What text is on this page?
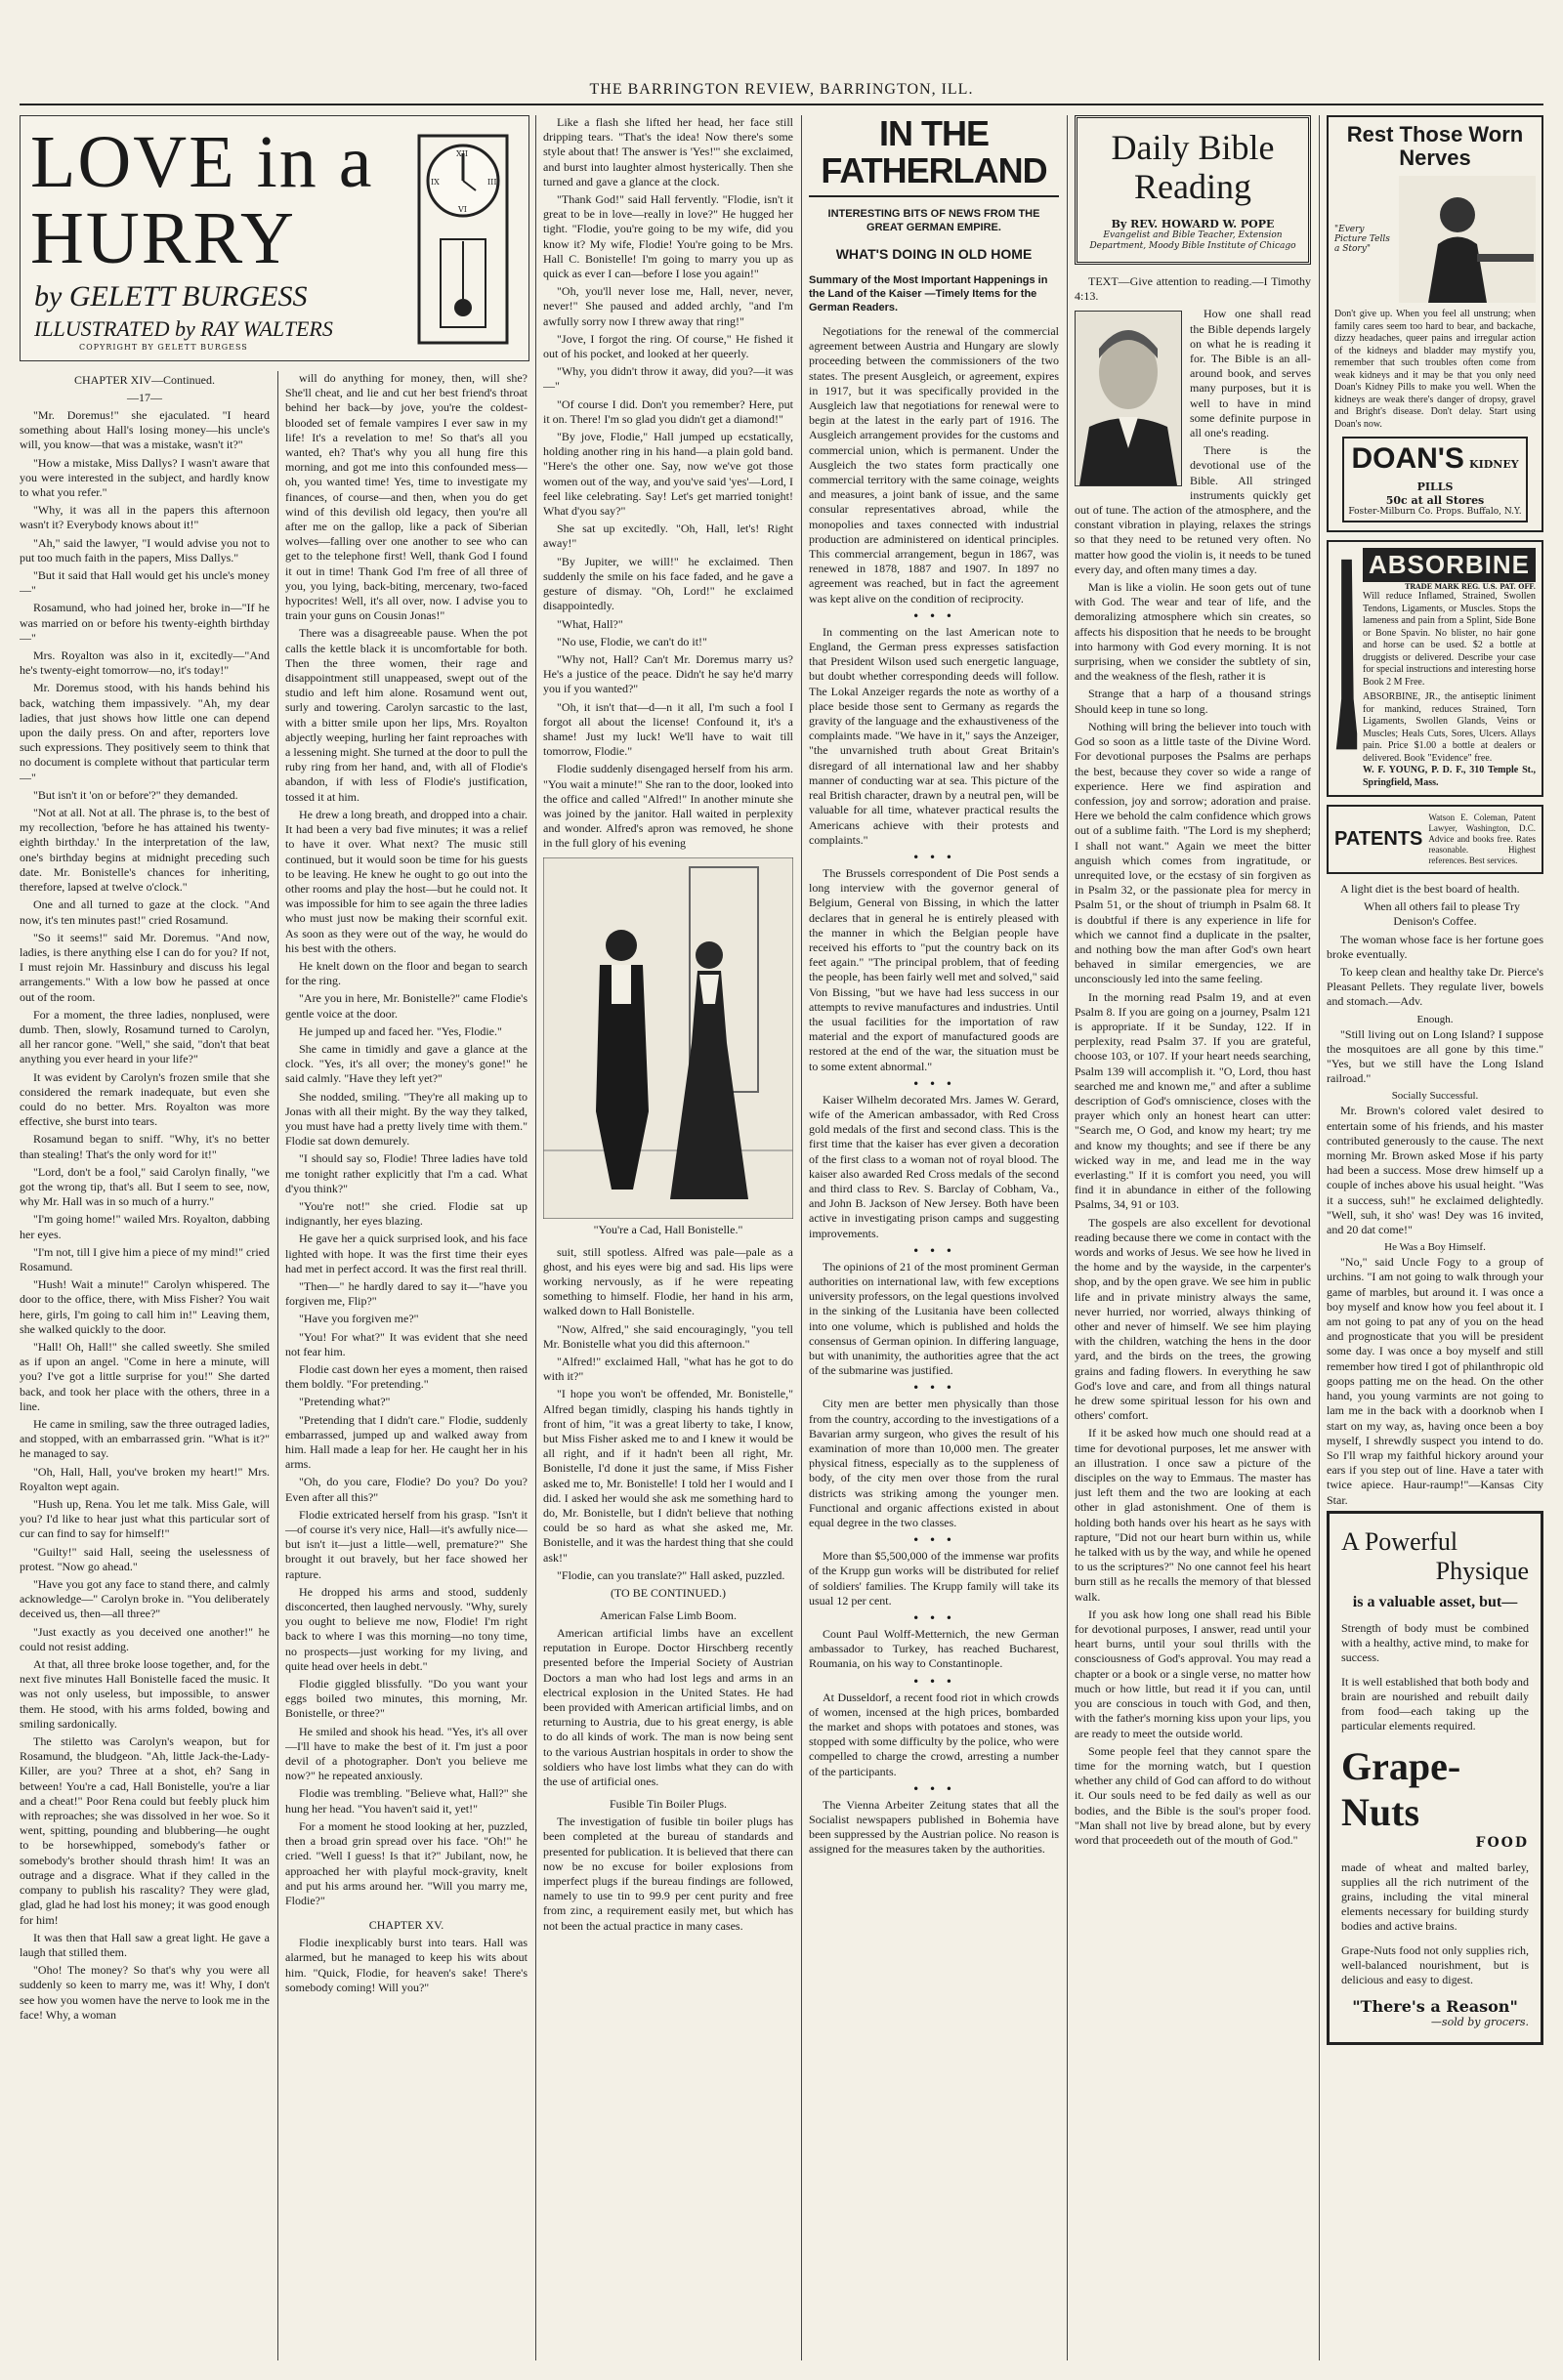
THE BARRINGTON REVIEW, BARRINGTON, ILL.
LOVE in a
HURRY
by GELETT BURGESS
ILLUSTRATED by RAY WALTERS
COPYRIGHT BY GELETT BURGESS
XII
III
VI
IX
CHAPTER XIV—Continued.
—17—

"Mr. Doremus!" she ejaculated. "I heard something about Hall's losing money—his uncle's will, you know—that was a mistake, wasn't it?"

"How a mistake, Miss Dallys? I wasn't aware that you were interested in the subject, and hardly know to what you refer."

"Why, it was all in the papers this afternoon wasn't it? Everybody knows about it!"

"Ah," said the lawyer, "I would advise you not to put too much faith in the papers, Miss Dallys."

"But it said that Hall would get his uncle's money—"

Rosamund, who had joined her, broke in—"If he was married on or before his twenty-eighth birthday—"

Mrs. Royalton was also in it, excitedly—"And he's twenty-eight tomorrow—no, it's today!"

Mr. Doremus stood, with his hands behind his back, watching them impassively. "Ah, my dear ladies, that just shows how little one can depend upon the daily press. On and after, reporters love such expressions. They positively seem to think that no document is complete without that particular term—"

"But isn't it 'on or before'?" they demanded.

"Not at all. Not at all. The phrase is, to the best of my recollection, 'before he has attained his twenty-eighth birthday.' In the interpretation of the law, one's birthday begins at midnight preceding such date. Mr. Bonistelle's chances for inheriting, therefore, lapsed at twelve o'clock."

One and all turned to gaze at the clock. "And now, it's ten minutes past!" cried Rosamund.

"So it seems!" said Mr. Doremus. "And now, ladies, is there anything else I can do for you? If not, I must rejoin Mr. Hassinbury and discuss his legal arrangements." With a low bow he passed at once out of the room.

For a moment, the three ladies, nonplused, were dumb. Then, slowly, Rosamund turned to Carolyn, all her rancor gone. "Well," she said, "don't that beat anything you ever heard in your life?"

It was evident by Carolyn's frozen smile that she considered the remark inadequate, but even she could do no better. Mrs. Royalton was more effective, she burst into tears.

Rosamund began to sniff. "Why, it's no better than stealing! That's the only word for it!"

"Lord, don't be a fool," said Carolyn finally, "we got the wrong tip, that's all. But I seem to see, now, why Mr. Hall was in so much of a hurry."

"I'm going home!" wailed Mrs. Royalton, dabbing her eyes.

"I'm not, till I give him a piece of my mind!" cried Rosamund.

"Hush! Wait a minute!" Carolyn whispered. The door to the office, there, with Miss Fisher? You wait here, girls, I'm going to call him in!" Leaving them, she walked quickly to the door.

"Hall! Oh, Hall!" she called sweetly. She smiled as if upon an angel. "Come in here a minute, will you? I've got a little surprise for you!" She darted back, and took her place with the others, three in a line.

He came in smiling, saw the three outraged ladies, and stopped, with an embarrassed grin. "What is it?" he managed to say.

"Oh, Hall, Hall, you've broken my heart!" Mrs. Royalton wept again.

"Hush up, Rena. You let me talk. Miss Gale, will you? I'd like to hear just what this particular sort of cur can find to say for himself!"

"Guilty!" said Hall, seeing the uselessness of protest. "Now go ahead."

"Have you got any face to stand there, and calmly acknowledge—" Carolyn broke in. "You deliberately deceived us, then—all three?"

"Just exactly as you deceived one another!" he could not resist adding.

At that, all three broke loose together, and, for the next five minutes Hall Bonistelle faced the music. It was not only useless, but impossible, to answer them. He stood, with his arms folded, bowing and smiling sardonically.

The stiletto was Carolyn's weapon, but for Rosamund, the bludgeon. "Ah, little Jack-the-Lady-Killer, are you? Three at a shot, eh? Sang in between! You're a cad, Hall Bonistelle, you're a liar and a cheat!" Poor Rena could but feebly pluck him with reproaches; she was dissolved in her woe. So it went, spitting, pounding and blubbering—he ought to be horsewhipped, somebody's father or somebody's brother should thrash him! It was an outrage and a disgrace. What if they called in the company to publish his rascality? They were glad, glad, glad he had lost his money; it was good enough for him!

It was then that Hall saw a great light. He gave a laugh that stilled them.

"Oho! The money? So that's why you were all suddenly so keen to marry me, was it! Why, I don't see how you women have the nerve to look me in the face! Why, a woman

will do anything for money, then, will she? She'll cheat, and lie and cut her best friend's throat behind her back—by jove, you're the coldest-blooded set of female vampires I ever saw in my life! It's a revelation to me! So that's all you wanted, eh? That's why you all hung fire this morning, and got me into this confounded mess—oh, you wanted time! Yes, time to investigate my finances, of course—and then, when you do get wind of this devilish old legacy, then you're all after me on the gallop, like a pack of Siberian wolves—falling over one another to see who can get to the telephone first! Well, thank God I found it out in time! Thank God I'm free of all three of you, you lying, back-biting, mercenary, two-faced hypocrites! Well, it's all over, now. I advise you to train your guns on Cousin Jonas!"

There was a disagreeable pause. When the pot calls the kettle black it is uncomfortable for both. Then the three women, their rage and disappointment still unappeased, swept out of the studio and left him alone. Rosamund went out, surly and towering. Carolyn sarcastic to the last, with a bitter smile upon her lips, Mrs. Royalton abjectly weeping, hurling her faint reproaches with a lessening might. She turned at the door to pull the ruby ring from her hand, and, with all of Flodie's abandon, if with less of Flodie's justification, tossed it at him.

He drew a long breath, and dropped into a chair. It had been a very bad five minutes; it was a relief to have it over. What next? The music still continued, but it would soon be time for his guests to be leaving. He knew he ought to go out into the other rooms and play the host—but he could not. It was impossible for him to see again the three ladies who must just now be making their scornful exit. As soon as they were out of the way, he would do his best with the others.

He knelt down on the floor and began to search for the ring.

"Are you in here, Mr. Bonistelle?" came Flodie's gentle voice at the door.

He jumped up and faced her. "Yes, Flodie."

She came in timidly and gave a glance at the clock. "Yes, it's all over; the money's gone!" he said calmly. "Have they left yet?"

She nodded, smiling. "They're all making up to Jonas with all their might. By the way they talked, you must have had a pretty lively time with them." Flodie sat down demurely.

"I should say so, Flodie! Three ladies have told me tonight rather explicitly that I'm a cad. What d'you think?"

"You're not!" she cried. Flodie sat up indignantly, her eyes blazing.

He gave her a quick surprised look, and his face lighted with hope. It was the first time their eyes had met in perfect accord. It was the first real thrill.

"Then—" he hardly dared to say it—"have you forgiven me, Flip?"

"Have you forgiven me?"

"You! For what?" It was evident that she need not fear him.

Flodie cast down her eyes a moment, then raised them boldly. "For pretending."

"Pretending what?"

"Pretending that I didn't care." Flodie, suddenly embarrassed, jumped up and walked away from him. Hall made a leap for her. He caught her in his arms.

"Oh, do you care, Flodie? Do you? Do you? Even after all this?"

Flodie extricated herself from his grasp. "Isn't it—of course it's very nice, Hall—it's awfully nice—but isn't it—just a little—well, premature?" She brought it out bravely, but her face showed her rapture.

He dropped his arms and stood, suddenly disconcerted, then laughed nervously. "Why, surely you ought to believe me now, Flodie! I'm right back to where I was this morning—no tony time, no prospects—just working for my living, and quite head over heels in debt."

Flodie giggled blissfully. "Do you want your eggs boiled two minutes, this morning, Mr. Bonistelle, or three?"

He smiled and shook his head. "Yes, it's all over—I'll have to make the best of it. I'm just a poor devil of a photographer. Don't you believe me now?" he repeated anxiously.

Flodie was trembling. "Believe what, Hall?" she hung her head. "You haven't said it, yet!"

For a moment he stood looking at her, puzzled, then a broad grin spread over his face. "Oh!" he cried. "Well I guess! Is that it?" Jubilant, now, he approached her with playful mock-gravity, knelt and put his arms around her. "Will you marry me, Flodie?"

CHAPTER XV.

Flodie inexplicably burst into tears. Hall was alarmed, but he managed to keep his wits about him. "Quick, Flodie, for heaven's sake! There's somebody coming! Will you?"

Like a flash she lifted her head, her face still dripping tears. "That's the idea! Now there's some style about that! The answer is 'Yes!'" she exclaimed, and burst into laughter almost hysterically. Then she turned and gave a glance at the clock.

"Thank God!" said Hall fervently. "Flodie, isn't it great to be in love—really in love?" He hugged her tight. "Flodie, you're going to be my wife, did you know it? My wife, Flodie! You're going to be Mrs. Hall C. Bonistelle! I'm going to marry you up as quick as ever I can—before I lose you again!"

"Oh, you'll never lose me, Hall, never, never, never!" She paused and added archly, "and I'm awfully sorry now I threw away that ring!"

"Jove, I forgot the ring. Of course," He fished it out of his pocket, and looked at her queerly.

"Why, you didn't throw it away, did you?—it was—"

"Of course I did. Don't you remember? Here, put it on. There! I'm so glad you didn't get a diamond!"

"By jove, Flodie," Hall jumped up ecstatically, holding another ring in his hand—a plain gold band. "Here's the other one. Say, now we've got those women out of the way, and you've said 'yes'—Lord, I feel like celebrating. Say! Let's get married tonight! What d'you say?"

She sat up excitedly. "Oh, Hall, let's! Right away!"

"By Jupiter, we will!" he exclaimed. Then suddenly the smile on his face faded, and he gave a gesture of dismay. "Oh, Lord!" he exclaimed disappointedly.

"What, Hall?"

"No use, Flodie, we can't do it!"

"Why not, Hall? Can't Mr. Doremus marry us? He's a justice of the peace. Didn't he say he'd marry you if you wanted?"

"Oh, it isn't that—d—n it all, I'm such a fool I forgot all about the license! Confound it, it's a shame! Just my luck! We'll have to wait till tomorrow, Flodie."

Flodie suddenly disengaged herself from his arm. "You wait a minute!" She ran to the door, looked into the office and called "Alfred!" In another minute she was joined by the janitor. Hall waited in perplexity and wonder. Alfred's apron was removed, he shone in the full glory of his evening

"You're a Cad, Hall Bonistelle."

suit, still spotless. Alfred was pale—pale as a ghost, and his eyes were big and sad. His lips were working nervously, as if he were repeating something to himself. Flodie, her hand in his arm, walked down to Hall Bonistelle.

"Now, Alfred," she said encouragingly, "you tell Mr. Bonistelle what you did this afternoon."

"Alfred!" exclaimed Hall, "what has he got to do with it?"

"I hope you won't be offended, Mr. Bonistelle," Alfred began timidly, clasping his hands tightly in front of him, "it was a great liberty to take, I know, but Miss Fisher asked me to and I knew it would be all right, and if it hadn't been all right, Mr. Bonistelle, I'd done it just the same, if Miss Fisher asked me to, Mr. Bonistelle! I told her I would and I did. I asked her would she ask me something hard to do, Mr. Bonistelle, but I didn't believe that nothing could be so hard as what she asked me, Mr. Bonistelle, and it was the hardest thing that she could ask!"

"Flodie, can you translate?" Hall asked, puzzled.

(TO BE CONTINUED.)
American False Limb Boom.

American artificial limbs have an excellent reputation in Europe. Doctor Hirschberg recently presented before the Imperial Society of Austrian Doctors a man who had lost legs and arms in an electrical explosion in the United States. He had been provided with American artificial limbs, and on returning to Austria, due to his great energy, is able to do all kinds of work. The man is now being sent to the various Austrian hospitals in order to show the soldiers who have lost limbs what they can do with the use of artificial ones.

Fusible Tin Boiler Plugs.

The investigation of fusible tin boiler plugs has been completed at the bureau of standards and presented for publication. It is believed that there can now be no excuse for boiler explosions from imperfect plugs if the bureau findings are followed, namely to use tin to 99.9 per cent purity and free from zinc, a requirement easily met, but which has not been the actual practice in many cases.

IN THE FATHERLAND
INTERESTING BITS OF NEWS FROM THE GREAT GERMAN EMPIRE.
WHAT'S DOING IN OLD HOME
Summary of the Most Important Happenings in the Land of the Kaiser —Timely Items for the German Readers.

Negotiations for the renewal of the commercial agreement between Austria and Hungary are slowly proceeding between the commissioners of the two states. The present Ausgleich, or agreement, expires in 1917, but it was specifically provided in the Ausgleich law that negotiations for renewal were to begin at the latest in the early part of 1916. The Ausgleich arrangement provides for the customs and commercial union, which is permanent. Under the Ausgleich the two states form practically one commercial territory with the same coinage, weights and measures, a joint bank of issue, and the same consular representatives abroad, while the monopolies and taxes connected with industrial production are administered on identical principles. This commercial arrangement, begun in 1867, was renewed in 1878, 1887 and 1907. In 1897 no agreement was reached, but in fact the agreement was kept alive on the condition of reciprocity.

• • •

In commenting on the last American note to England, the German press expresses satisfaction that President Wilson used such energetic language, but doubt whether corresponding deeds will follow. The Lokal Anzeiger regards the note as worthy of a place beside those sent to Germany as regards the gravity of the language and the exhaustiveness of the complaints made. "We have in it," says the Anzeiger, "the unvarnished truth about Great Britain's disregard of all international law and her shabby manner of conducting war at sea. This picture of the real British character, drawn by a neutral pen, will be valuable for all time, whatever practical results the Americans achieve with their protests and complaints."

• • •

The Brussels correspondent of Die Post sends a long interview with the governor general of Belgium, General von Bissing, in which the latter declares that in general he is entirely pleased with the manner in which the Belgian people have received his efforts to "put the country back on its feet again." "The principal problem, that of feeding the people, has been fairly well met and solved," said Von Bissing, "but we have had less success in our attempts to revive manufactures and industries. Until the usual facilities for the importation of raw material and the export of manufactured goods are restored at the end of the war, the situation must be to some extent abnormal."

• • •

Kaiser Wilhelm decorated Mrs. James W. Gerard, wife of the American ambassador, with Red Cross gold medals of the first and second class. This is the first time that the kaiser has ever given a decoration of the first class to a woman not of royal blood. The kaiser also awarded Red Cross medals of the second and third class to Rev. S. Barclay of Cobham, Va., and John B. Jackson of New Jersey. Both have been active in investigating prison camps and suggesting improvements.

• • •

The opinions of 21 of the most prominent German authorities on international law, with few exceptions university professors, on the legal questions involved in the sinking of the Lusitania have been collected into one volume, which is published and holds the consensus of German opinion. In differing language, but with unanimity, the authorities agree that the act of the submarine was justified.

• • •

City men are better men physically than those from the country, according to the investigations of a Bavarian army surgeon, who gives the result of his examination of more than 10,000 men. The greater physical fitness, especially as to the suppleness of body, of the city men over those from the rural districts was striking among the younger men. Functional and organic affections existed in about equal degree in the two classes.

• • •

More than $5,500,000 of the immense war profits of the Krupp gun works will be distributed for relief of soldiers' families. The Krupp family will take its usual 12 per cent.

• • •

Count Paul Wolff-Metternich, the new German ambassador to Turkey, has reached Bucharest, Roumania, on his way to Constantinople.

• • •

At Dusseldorf, a recent food riot in which crowds of women, incensed at the high prices, bombarded the market and shops with potatoes and stones, was stopped with some difficulty by the police, who were compelled to charge the crowd, arresting a number of the participants.

• • •

The Vienna Arbeiter Zeitung states that all the Socialist newspapers published in Bohemia have been suppressed by the Austrian police. No reason is assigned for the measures taken by the authorities.

Daily Bible
Reading
By REV. HOWARD W. POPE
Evangelist and Bible Teacher, Extension Department, Moody Bible Institute of Chicago

TEXT—Give attention to reading.—I Timothy 4:13.

How one shall read the Bible depends largely on what he is reading it for. The Bible is an all-around book, and serves many purposes, but it is well to have in mind some definite purpose in all one's reading.

There is the devotional use of the Bible. All stringed instruments quickly get out of tune. The action of the atmosphere, and the constant vibration in playing, relaxes the strings so that they need to be retuned very often. No matter how good the violin is, it needs to be tuned every day, and often many times a day.

Man is like a violin. He soon gets out of tune with God. The wear and tear of life, and the demoralizing atmosphere which sin creates, so affects his disposition that he needs to be brought into harmony with God every morning. It is not surprising, when we consider the subtlety of sin, and the weakness of the flesh, rather it is

Strange that a harp of a thousand strings Should keep in tune so long.

Nothing will bring the believer into touch with God so soon as a little taste of the Divine Word. For devotional purposes the Psalms are perhaps the best, because they cover so wide a range of experience. Here we find aspiration and confession, joy and sorrow; adoration and praise. Here we behold the calm confidence which grows out of a sublime faith. "The Lord is my shepherd; I shall not want." Again we meet the bitter anguish which comes from ingratitude, or unrequited love, or the ecstasy of sin forgiven as in Psalm 32, or the passionate plea for mercy in Psalm 51, or the shout of triumph in Psalm 68. It is doubtful if there is any experience in life for which we cannot find a duplicate in the psalter, and nothing bow the man after God's own heart behaved in similar emergencies, we are unconsciously led into the same feeling.

In the morning read Psalm 19, and at even Psalm 8. If you are going on a journey, Psalm 121 is appropriate. If it be Sunday, 122. If in perplexity, read Psalm 37. If you are grateful, choose 103, or 107. If your heart needs searching, Psalm 139 will accomplish it. "O, Lord, thou hast searched me and known me," and after a sublime description of God's omniscience, closes with the prayer which only an honest heart can utter: "Search me, O God, and know my heart; try me and know my thoughts; and see if there be any wicked way in me, and lead me in the way everlasting." If it is comfort you need, you will find it in abundance in either of the following Psalms, 34, 91 or 103.

The gospels are also excellent for devotional reading because there we come in contact with the words and works of Jesus. We see how he lived in the home and by the wayside, in the carpenter's shop, and by the open grave. We see him in public life and in private ministry always the same, never hurried, nor worried, always thinking of other and never of himself. We see him playing with the children, watching the hens in the door yard, and the birds on the trees, the growing grains and fading flowers. In everything he saw God's love and care, and from all things natural he drew some spiritual lesson for his own and others' comfort.

If it be asked how much one should read at a time for devotional purposes, let me answer with an illustration. I once saw a picture of the disciples on the way to Emmaus. The master has just left them and the two are looking at each other in glad astonishment. One of them is holding both hands over his heart as he says with rapture, "Did not our heart burn within us, while he talked with us by the way, and while he opened to us the scriptures?" No one cannot feel his heart burn still as he recalls the memory of that blessed walk.

If you ask how long one shall read his Bible for devotional purposes, I answer, read until your heart burns, until your soul thrills with the consciousness of God's approval. You may read a chapter or a book or a single verse, no matter how much or how little, but read it if you can, until you are conscious in touch with God, and then, with the father's morning kiss upon your lips, you are ready to meet the outside world.

Some people feel that they cannot spare the time for the morning watch, but I question whether any child of God can afford to do without it. Our souls need to be fed daily as well as our bodies, and the Bible is the soul's proper food. "Man shall not live by bread alone, but by every word that proceedeth out of the mouth of God."

Rest Those Worn Nerves
"Every Picture Tells a Story"
Don't give up. When you feel all unstrung; when family cares seem too hard to bear, and backache, dizzy headaches, queer pains and irregular action of the kidneys and bladder may mystify you, remember that such troubles often come from weak kidneys and it may be that you only need Doan's Kidney Pills to make you well. When the kidneys are weak there's danger of dropsy, gravel and Bright's disease. Don't delay. Start using Doan's now.
DOAN'S KIDNEY PILLS
50c at all Stores
Foster-Milburn Co. Props. Buffalo, N.Y.
ABSORBINE
TRADE MARK REG. U.S. PAT. OFF.
Will reduce Inflamed, Strained, Swollen Tendons, Ligaments, or Muscles. Stops the lameness and pain from a Splint, Side Bone or Bone Spavin. No blister, no hair gone and horse can be used. $2 a bottle at druggists or delivered. Describe your case for special instructions and interesting horse Book 2 M Free.
ABSORBINE, JR., the antiseptic liniment for mankind, reduces Strained, Torn Ligaments, Swollen Glands, Veins or Muscles; Heals Cuts, Sores, Ulcers. Allays pain. Price $1.00 a bottle at dealers or delivered. Book "Evidence" free.
W. F. YOUNG, P. D. F., 310 Temple St., Springfield, Mass.
PATENTS
Watson E. Coleman, Patent Lawyer, Washington, D.C. Advice and books free. Rates reasonable. Highest references. Best services.

A light diet is the best board of health.

When all others fail to please Try Denison's Coffee.

The woman whose face is her fortune goes broke eventually.

To keep clean and healthy take Dr. Pierce's Pleasant Pellets. They regulate liver, bowels and stomach.—Adv.

Enough.

"Still living out on Long Island? I suppose the mosquitoes are all gone by this time." "Yes, but we still have the Long Island railroad."

Socially Successful.

Mr. Brown's colored valet desired to entertain some of his friends, and his master contributed generously to the cause. The next morning Mr. Brown asked Mose if his party had been a success. Mose drew himself up a couple of inches above his usual height. "Was it a success, suh!" he exclaimed delightedly. "Well, suh, it sho' was! Dey was 16 invited, and 20 dat come!"

He Was a Boy Himself.

"No," said Uncle Fogy to a group of urchins. "I am not going to walk through your game of marbles, but around it. I was once a boy myself and know how you feel about it. I am not going to pat any of you on the head and prognosticate that you will be president some day. I was once a boy myself and still remember how tired I got of philanthropic old goops patting me on the head. On the other hand, you young varmints are not going to lam me in the back with a doorknob when I start on my way, as, having once been a boy myself, I shrewdly suspect you intend to do. So I'll wrap my faithful hickory around your ears if you step out of line. Have a tater with twice apiece. Haur-raump!"—Kansas City Star.

A Powerful
Physique
is a valuable asset, but—
Strength of body must be combined with a healthy, active mind, to make for success.
It is well established that both body and brain are nourished and rebuilt daily from food—each taking up the particular elements required.
Grape-Nuts
FOOD
made of wheat and malted barley, supplies all the rich nutriment of the grains, including the vital mineral elements necessary for building sturdy bodies and active brains.
Grape-Nuts food not only supplies rich, well-balanced nourishment, but is delicious and easy to digest.
"There's a Reason"
—sold by grocers.
